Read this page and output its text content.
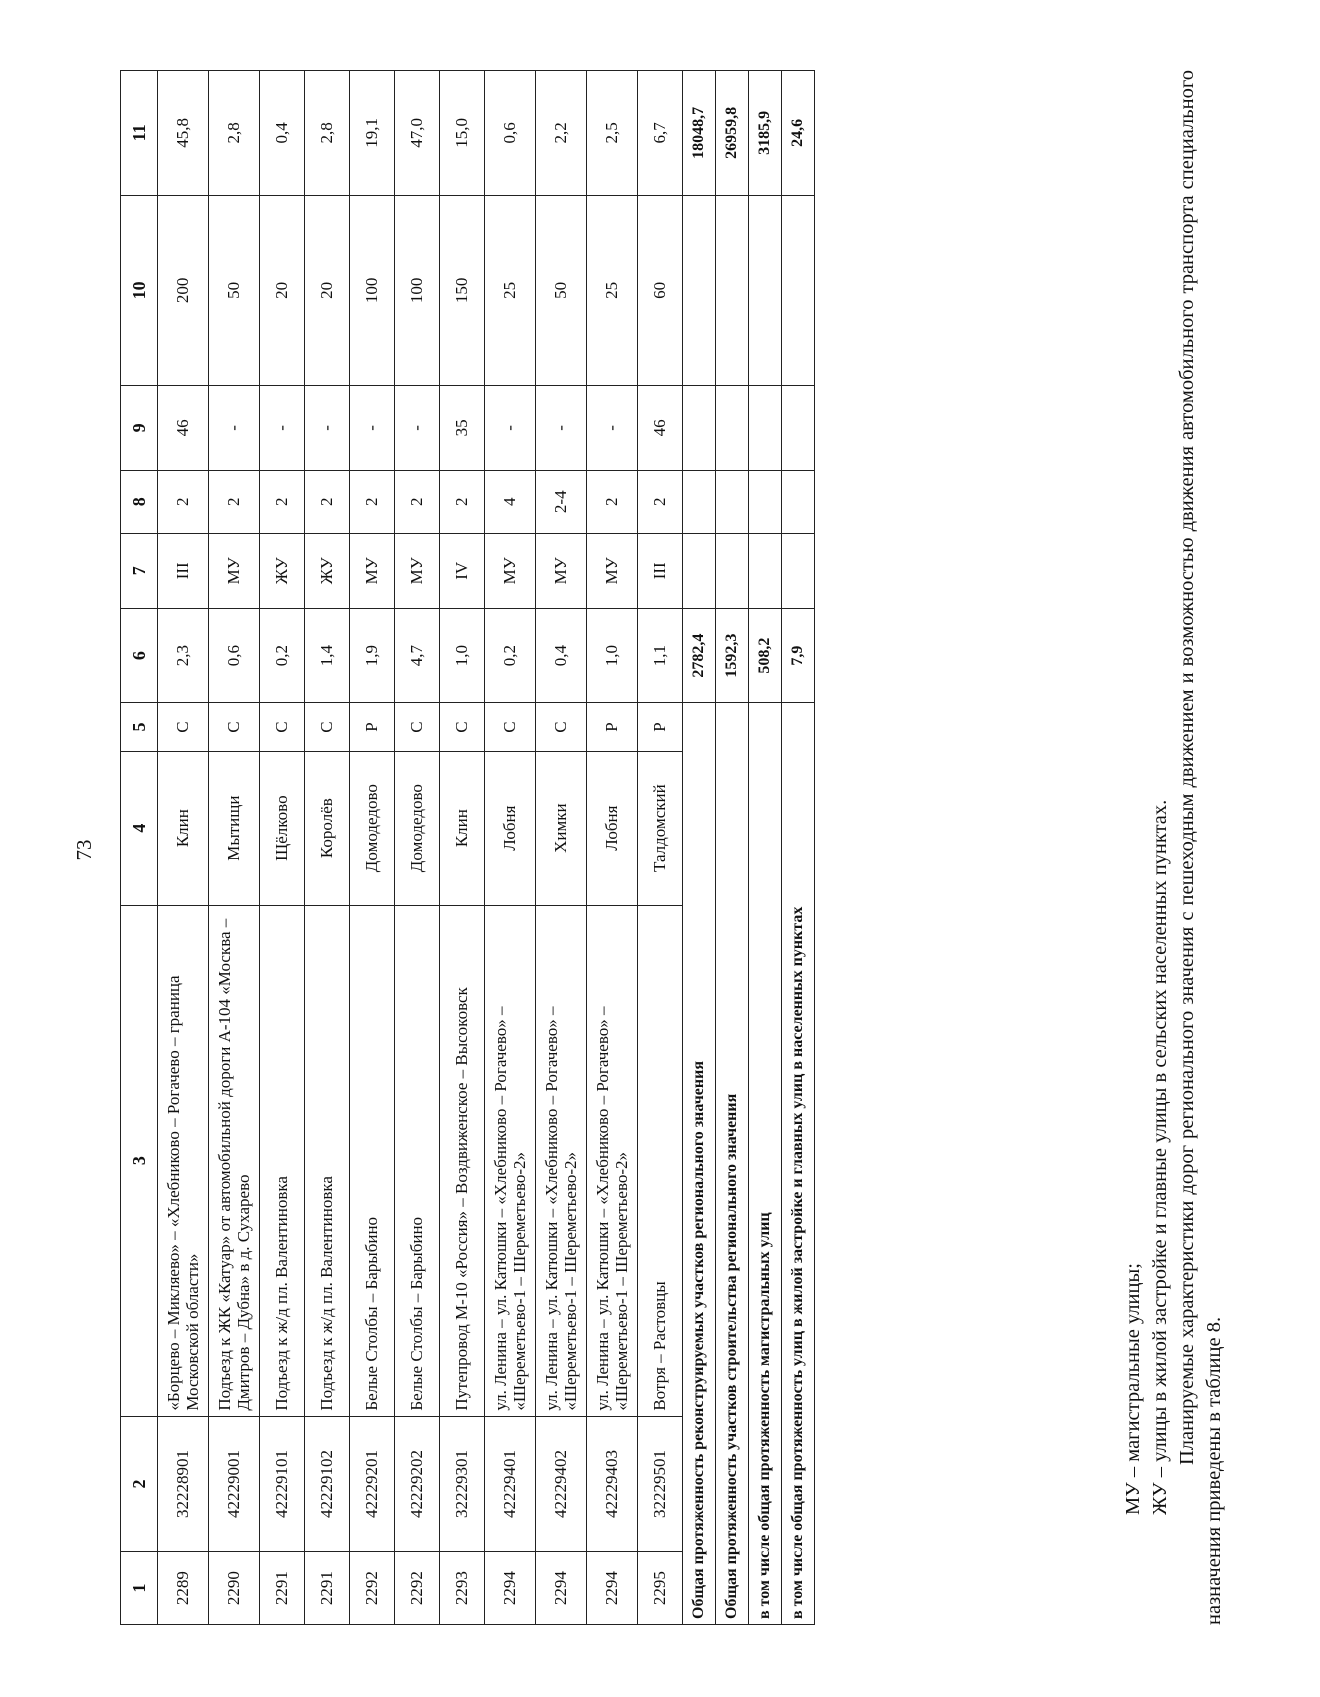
1	2	3	4	5	6	7	8	9	10	11
2289	32228901	«Борцево – Микляево» – «Хлебниково – Рогачево – граница Московской области»	Клин	С	2,3	III	2	46	200	45,8
2290	42229001	Подъезд к ЖК «Катуар» от автомобильной дороги А-104 «Москва –Дмитров – Дубна» в д. Сухарево	Мытищи	С	0,6	МУ	2	-	50	2,8
2291	42229101	Подъезд к ж/д пл. Валентиновка	Щёлково	С	0,2	ЖУ	2	-	20	0,4
2291	42229102	Подъезд к ж/д пл. Валентиновка	Королёв	С	1,4	ЖУ	2	-	20	2,8
2292	42229201	Белые Столбы – Барыбино	Домодедово	Р	1,9	МУ	2	-	100	19,1
2292	42229202	Белые Столбы – Барыбино	Домодедово	С	4,7	МУ	2	-	100	47,0
2293	32229301	Путепровод М-10 «Россия» – Воздвиженское – Высоковск	Клин	С	1,0	IV	2	35	150	15,0
2294	42229401	ул. Ленина – ул. Катюшки – «Хлебниково – Рогачево» – «Шереметьево-1 – Шереметьево-2»	Лобня	С	0,2	МУ	4	-	25	0,6
2294	42229402	ул. Ленина – ул. Катюшки – «Хлебниково – Рогачево» – «Шереметьево-1 – Шереметьево-2»	Химки	С	0,4	МУ	2-4	-	50	2,2
2294	42229403	ул. Ленина – ул. Катюшки – «Хлебниково – Рогачево» – «Шереметьево-1 – Шереметьево-2»	Лобня	Р	1,0	МУ	2	-	25	2,5
2295	32229501	Вотря – Растовцы	Талдомский	Р	1,1	III	2	46	60	6,7
Общая протяженность реконструируемых участков регионального значения					2782,4					18048,7
Общая протяженность участков строительства регионального значения					1592,3					26959,8
в том числе общая протяженность магистральных улиц					508,2					3185,9
в том числе общая протяженность улиц в жилой застройке и главных улиц в населенных пунктах					7,9					24,6

МУ – магистральные улицы; ЖУ – улицы в жилой застройке и главные улицы в сельских населенных пунктах. Планируемые характеристики дорог регионального значения с пешеходным движением и возможностью движения автомобильного транспорта специального назначения приведены в таблице 8.

73
